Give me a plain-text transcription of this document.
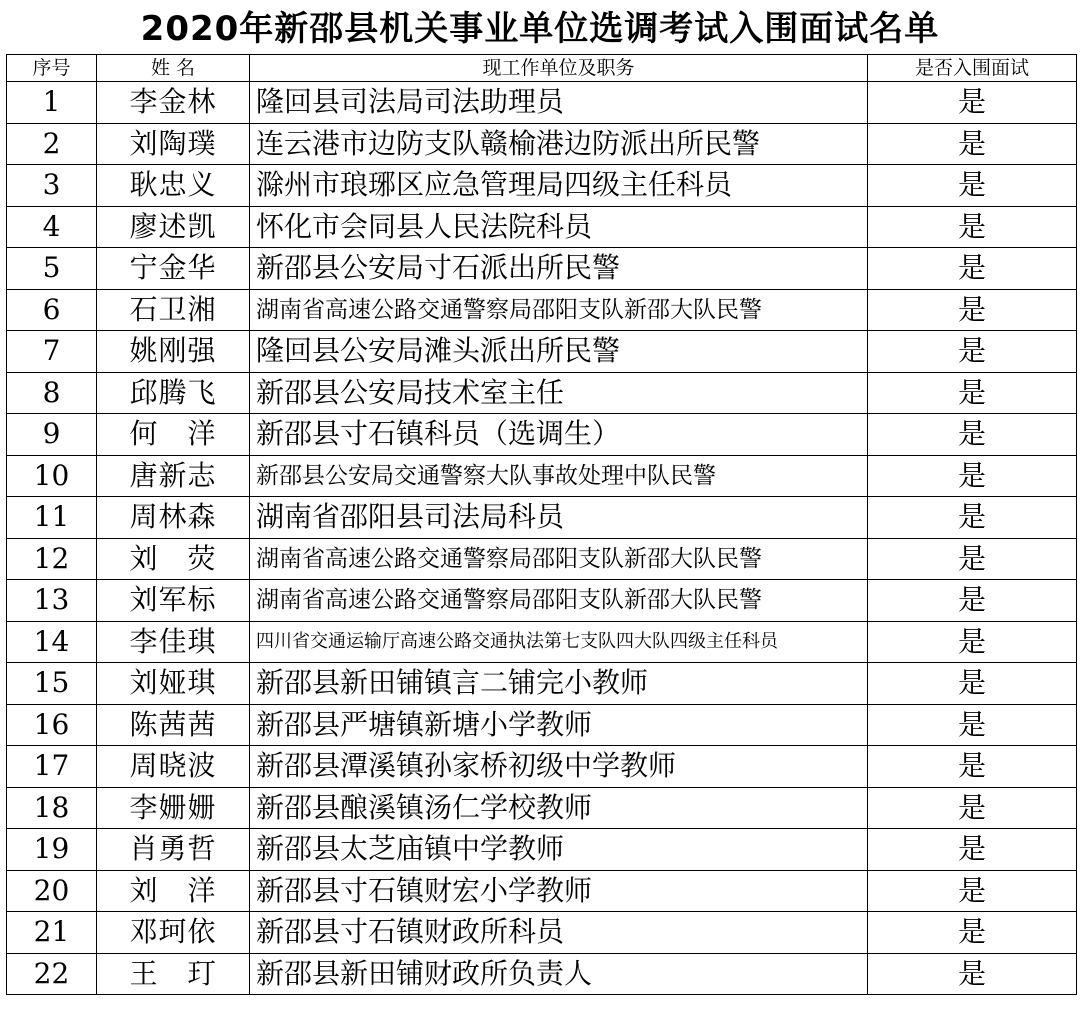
2020年新邵县机关事业单位选调考试入围面试名单
序号	姓 名	现工作单位及职务	是否入围面试
1	李金林	隆回县司法局司法助理员	是
2	刘陶璞	连云港市边防支队赣榆港边防派出所民警	是
3	耿忠义	滁州市琅琊区应急管理局四级主任科员	是
4	廖述凯	怀化市会同县人民法院科员	是
5	宁金华	新邵县公安局寸石派出所民警	是
6	石卫湘	湖南省高速公路交通警察局邵阳支队新邵大队民警	是
7	姚刚强	隆回县公安局滩头派出所民警	是
8	邱腾飞	新邵县公安局技术室主任	是
9	何　洋	新邵县寸石镇科员（选调生）	是
10	唐新志	新邵县公安局交通警察大队事故处理中队民警	是
11	周林森	湖南省邵阳县司法局科员	是
12	刘　荧	湖南省高速公路交通警察局邵阳支队新邵大队民警	是
13	刘军标	湖南省高速公路交通警察局邵阳支队新邵大队民警	是
14	李佳琪	四川省交通运输厅高速公路交通执法第七支队四大队四级主任科员	是
15	刘娅琪	新邵县新田铺镇言二铺完小教师	是
16	陈茜茜	新邵县严塘镇新塘小学教师	是
17	周晓波	新邵县潭溪镇孙家桥初级中学教师	是
18	李姗姗	新邵县酿溪镇汤仁学校教师	是
19	肖勇哲	新邵县太芝庙镇中学教师	是
20	刘　洋	新邵县寸石镇财宏小学教师	是
21	邓珂依	新邵县寸石镇财政所科员	是
22	王　玎	新邵县新田铺财政所负责人	是
